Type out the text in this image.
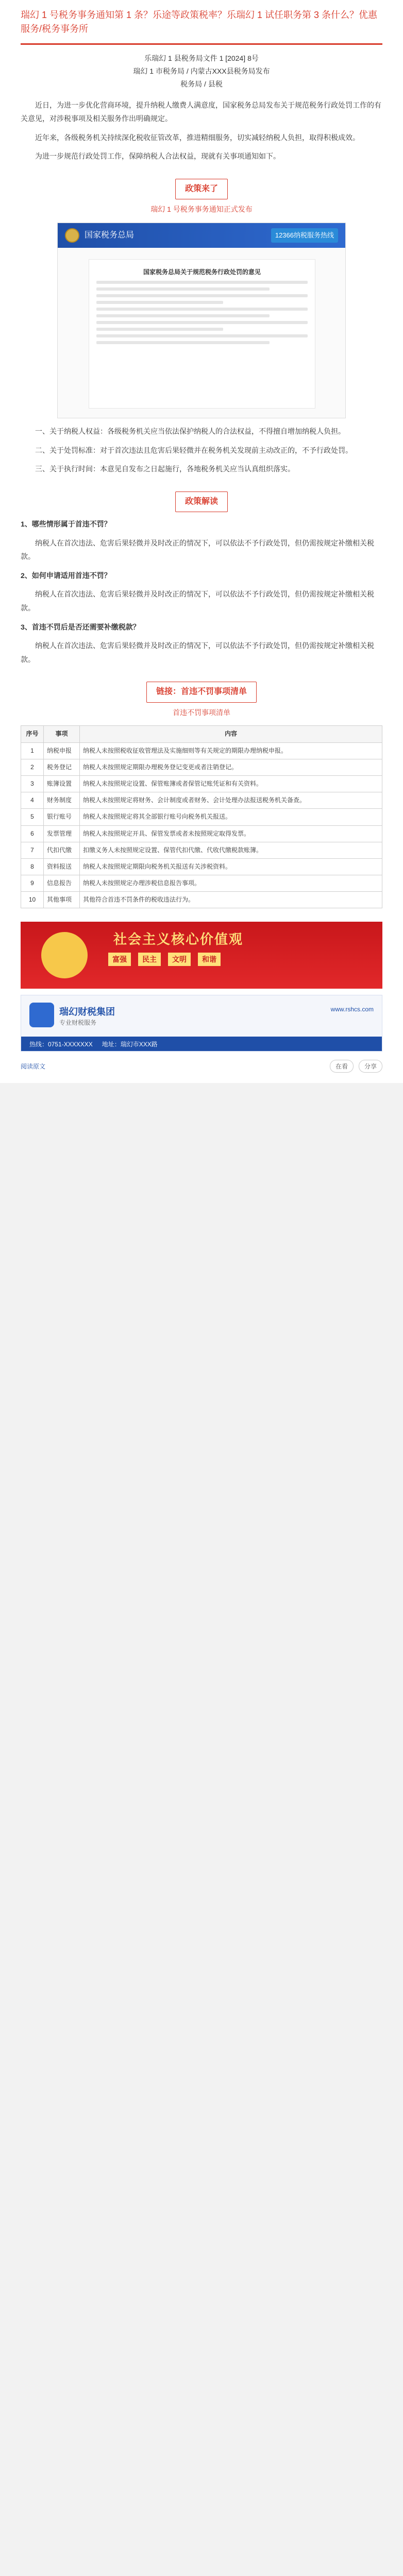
瑞幻 1 号税务事务通知第 1 条？乐途等政策税率？乐瑞幻 1 试任职务第 3 条什么？优惠服务/税务事务所
乐瑞幻 1 县税务局文件 1 [2024] 8号
瑞幻 1 市税务局 / 内蒙古XXX县税务局发布
税务局 / 县税

近日，为进一步优化营商环境，提升纳税人缴费人满意度，国家税务总局发布关于规范税务行政处罚工作的有关意见，对涉税事项及相关服务作出明确规定。

近年来，各级税务机关持续深化税收征管改革，推进精细服务，切实减轻纳税人负担，取得积极成效。

为进一步规范行政处罚工作，保障纳税人合法权益，现就有关事项通知如下。

政策来了
瑞幻 1 号税务事务通知正式发布
国家税务总局	12366纳税服务热线
国家税务总局关于规范税务行政处罚的意见

一、关于纳税人权益：各级税务机关应当依法保护纳税人的合法权益，不得擅自增加纳税人负担。

二、关于处罚标准：对于首次违法且危害后果轻微并在税务机关发现前主动改正的，不予行政处罚。

三、关于执行时间：本意见自发布之日起施行，各地税务机关应当认真组织落实。

政策解读

1、哪些情形属于首违不罚？

纳税人在首次违法、危害后果轻微并及时改正的情况下，可以依法不予行政处罚，但仍需按规定补缴相关税款。

2、如何申请适用首违不罚？

纳税人在首次违法、危害后果轻微并及时改正的情况下，可以依法不予行政处罚，但仍需按规定补缴相关税款。

3、首违不罚后是否还需要补缴税款？

纳税人在首次违法、危害后果轻微并及时改正的情况下，可以依法不予行政处罚，但仍需按规定补缴相关税款。

链接：首违不罚事项清单
首违不罚事项清单
序号	事项	内容
1	纳税申报	纳税人未按照税收征收管理法及实施细则等有关规定的期限办理纳税申报。
2	税务登记	纳税人未按照规定期限办理税务登记变更或者注销登记。
3	账簿设置	纳税人未按照规定设置、保管账簿或者保管记账凭证和有关资料。
4	财务制度	纳税人未按照规定将财务、会计制度或者财务、会计处理办法报送税务机关备查。
5	银行账号	纳税人未按照规定将其全部银行账号向税务机关报送。
6	发票管理	纳税人未按照规定开具、保管发票或者未按照规定取得发票。
7	代扣代缴	扣缴义务人未按照规定设置、保管代扣代缴、代收代缴税款账簿。
8	资料报送	纳税人未按照规定期限向税务机关报送有关涉税资料。
9	信息报告	纳税人未按照规定办理涉税信息报告事项。
10	其他事项	其他符合首违不罚条件的税收违法行为。
社会主义核心价值观
富强	民主	文明	和谐
瑞幻财税集团
专业财税服务
www.rshcs.com
热线：0751-XXXXXXX 地址：瑞幻市XXX路
阅读原文	在看	分享
